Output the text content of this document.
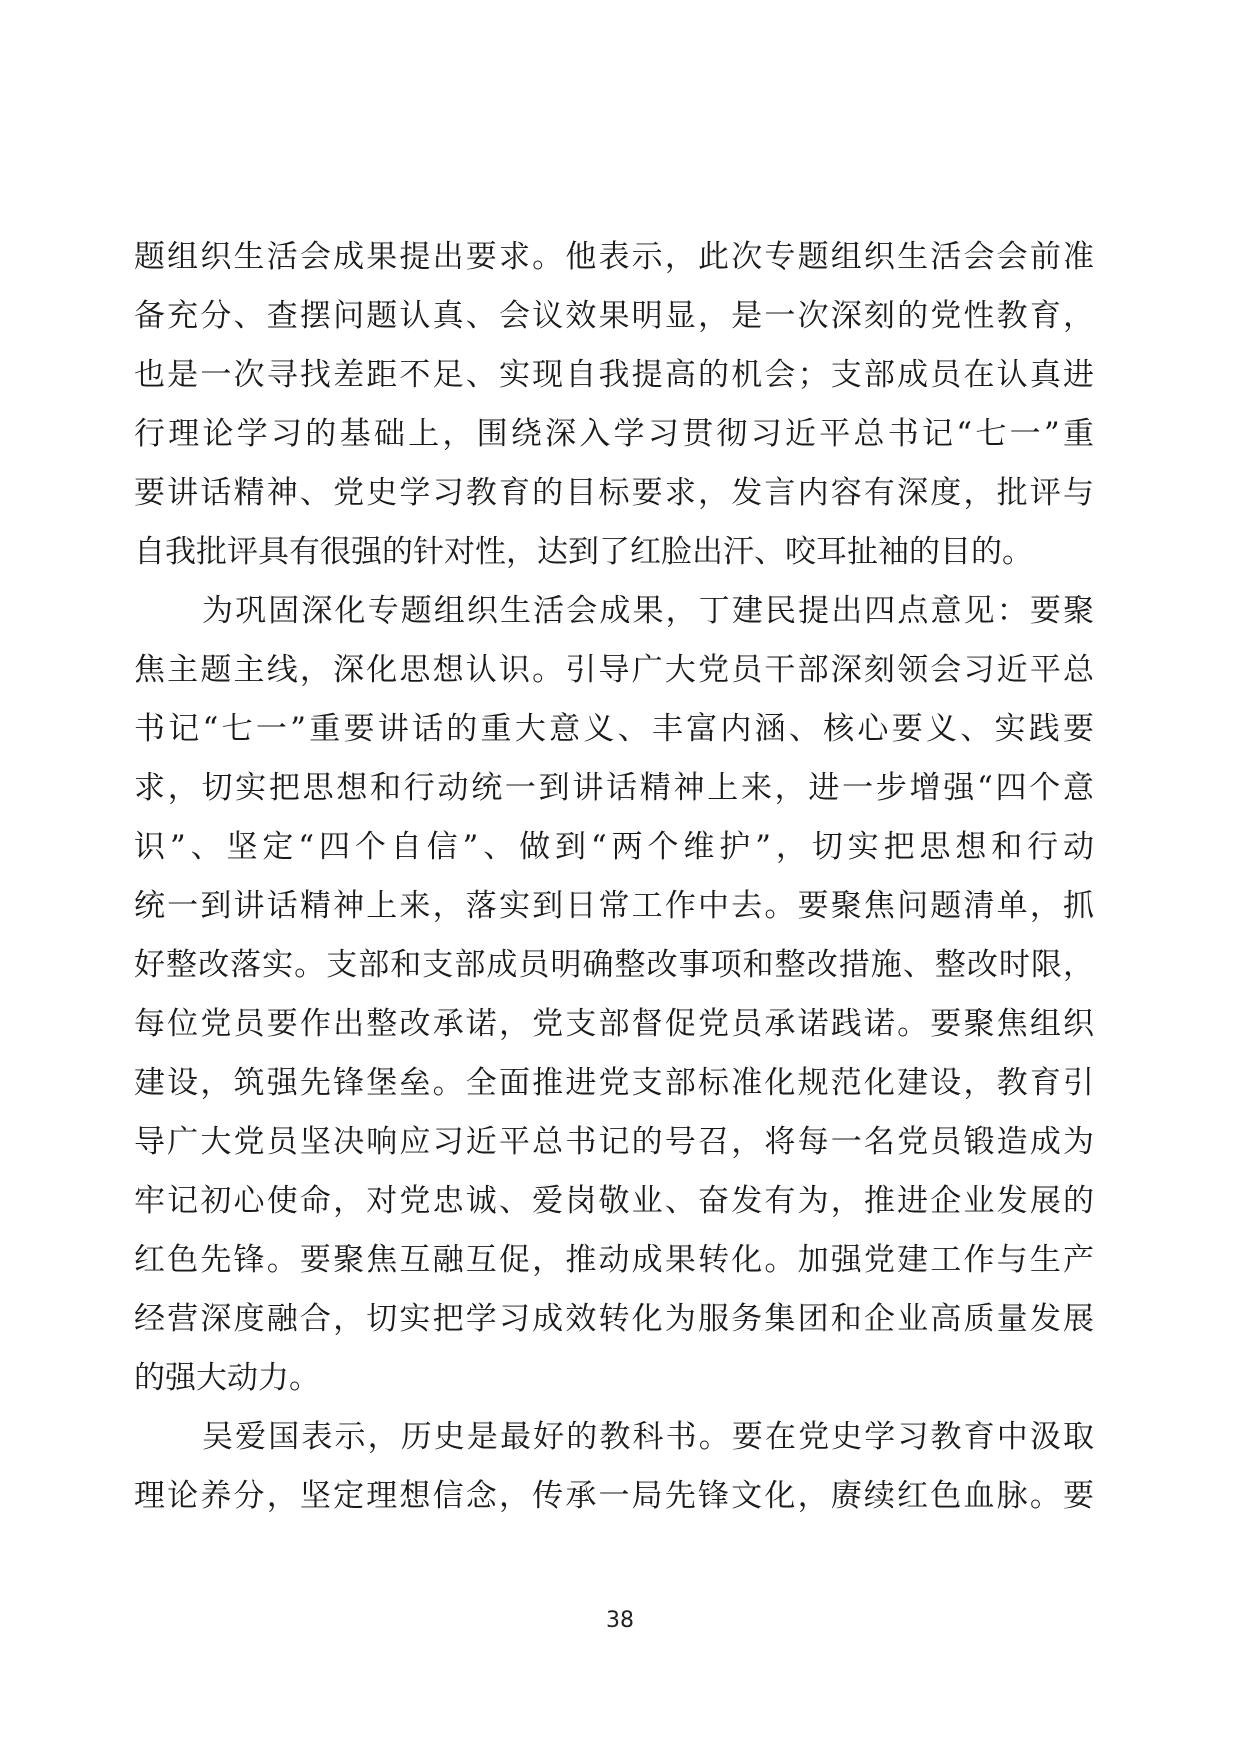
题组织生活会成果提出要求。他表示，此次专题组织生活会会前准
备充分、查摆问题认真、会议效果明显，是一次深刻的党性教育，
也是一次寻找差距不足、实现自我提高的机会；支部成员在认真进
行理论学习的基础上，围绕深入学习贯彻习近平总书记“七一”重
要讲话精神、党史学习教育的目标要求，发言内容有深度，批评与
自我批评具有很强的针对性，达到了红脸出汗、咬耳扯袖的目的。
为巩固深化专题组织生活会成果，丁建民提出四点意见：要聚
焦主题主线，深化思想认识。引导广大党员干部深刻领会习近平总
书记“七一”重要讲话的重大意义、丰富内涵、核心要义、实践要
求，切实把思想和行动统一到讲话精神上来，进一步增强“四个意
识”、坚定“四个自信”、做到“两个维护”，切实把思想和行动
统一到讲话精神上来，落实到日常工作中去。要聚焦问题清单，抓
好整改落实。支部和支部成员明确整改事项和整改措施、整改时限，
每位党员要作出整改承诺，党支部督促党员承诺践诺。要聚焦组织
建设，筑强先锋堡垒。全面推进党支部标准化规范化建设，教育引
导广大党员坚决响应习近平总书记的号召，将每一名党员锻造成为
牢记初心使命，对党忠诚、爱岗敬业、奋发有为，推进企业发展的
红色先锋。要聚焦互融互促，推动成果转化。加强党建工作与生产
经营深度融合，切实把学习成效转化为服务集团和企业高质量发展
的强大动力。
吴爱国表示，历史是最好的教科书。要在党史学习教育中汲取
理论养分，坚定理想信念，传承一局先锋文化，赓续红色血脉。要
38
